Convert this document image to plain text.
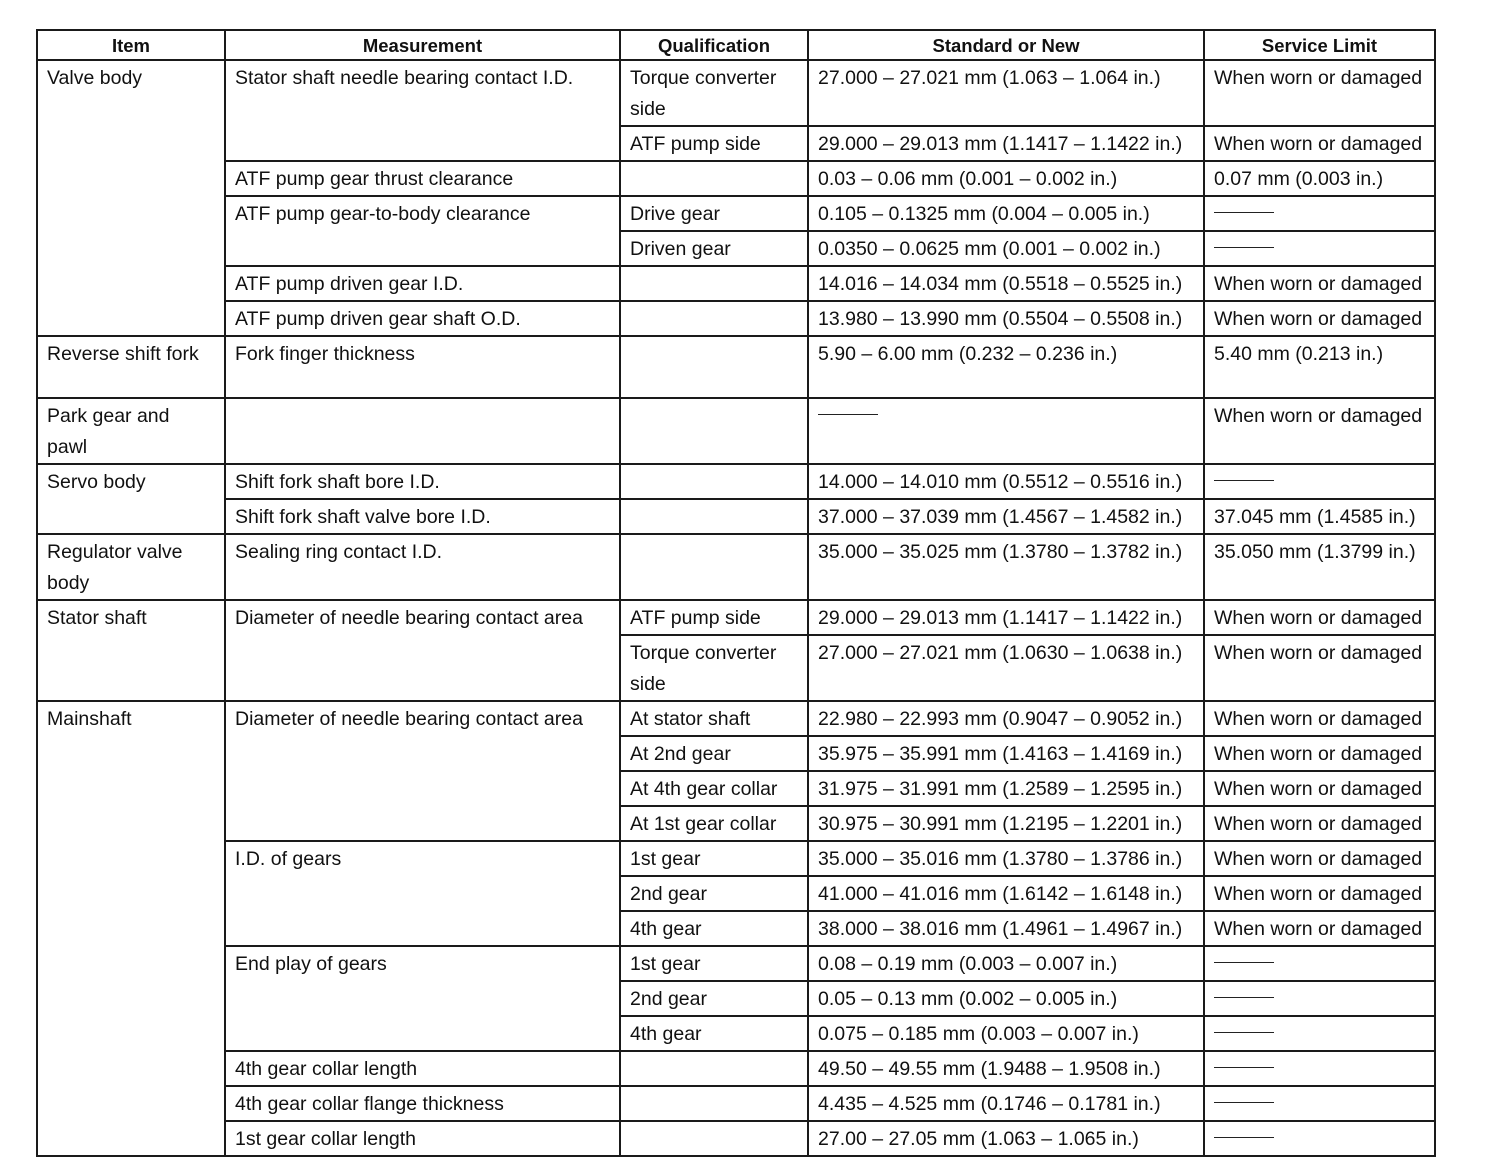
Item	Measurement	Qualification	Standard or New	Service Limit
Valve body	Stator shaft needle bearing contact I.D.	Torque converter side	27.000 – 27.021 mm (1.063 – 1.064 in.)	When worn or damaged
		ATF pump side	29.000 – 29.013 mm (1.1417 – 1.1422 in.)	When worn or damaged
	ATF pump gear thrust clearance		0.03 – 0.06 mm (0.001 – 0.002 in.)	0.07 mm (0.003 in.)
	ATF pump gear-to-body clearance	Drive gear	0.105 – 0.1325 mm (0.004 – 0.005 in.)	
		Driven gear	0.0350 – 0.0625 mm (0.001 – 0.002 in.)	
	ATF pump driven gear I.D.		14.016 – 14.034 mm (0.5518 – 0.5525 in.)	When worn or damaged
	ATF pump driven gear shaft O.D.		13.980 – 13.990 mm (0.5504 – 0.5508 in.)	When worn or damaged
Reverse shift fork	Fork finger thickness		5.90 – 6.00 mm (0.232 – 0.236 in.)	5.40 mm (0.213 in.)
Park gear and pawl				When worn or damaged
Servo body	Shift fork shaft bore I.D.		14.000 – 14.010 mm (0.5512 – 0.5516 in.)	
	Shift fork shaft valve bore I.D.		37.000 – 37.039 mm (1.4567 – 1.4582 in.)	37.045 mm (1.4585 in.)
Regulator valve body	Sealing ring contact I.D.		35.000 – 35.025 mm (1.3780 – 1.3782 in.)	35.050 mm (1.3799 in.)
Stator shaft	Diameter of needle bearing contact area	ATF pump side	29.000 – 29.013 mm (1.1417 – 1.1422 in.)	When worn or damaged
		Torque converter side	27.000 – 27.021 mm (1.0630 – 1.0638 in.)	When worn or damaged
Mainshaft	Diameter of needle bearing contact area	At stator shaft	22.980 – 22.993 mm (0.9047 – 0.9052 in.)	When worn or damaged
		At 2nd gear	35.975 – 35.991 mm (1.4163 – 1.4169 in.)	When worn or damaged
		At 4th gear collar	31.975 – 31.991 mm (1.2589 – 1.2595 in.)	When worn or damaged
		At 1st gear collar	30.975 – 30.991 mm (1.2195 – 1.2201 in.)	When worn or damaged
	I.D. of gears	1st gear	35.000 – 35.016 mm (1.3780 – 1.3786 in.)	When worn or damaged
		2nd gear	41.000 – 41.016 mm (1.6142 – 1.6148 in.)	When worn or damaged
		4th gear	38.000 – 38.016 mm (1.4961 – 1.4967 in.)	When worn or damaged
	End play of gears	1st gear	0.08 – 0.19 mm (0.003 – 0.007 in.)	
		2nd gear	0.05 – 0.13 mm (0.002 – 0.005 in.)	
		4th gear	0.075 – 0.185 mm (0.003 – 0.007 in.)	
	4th gear collar length		49.50 – 49.55 mm (1.9488 – 1.9508 in.)	
	4th gear collar flange thickness		4.435 – 4.525 mm (0.1746 – 0.1781 in.)	
	1st gear collar length		27.00 – 27.05 mm (1.063 – 1.065 in.)	
